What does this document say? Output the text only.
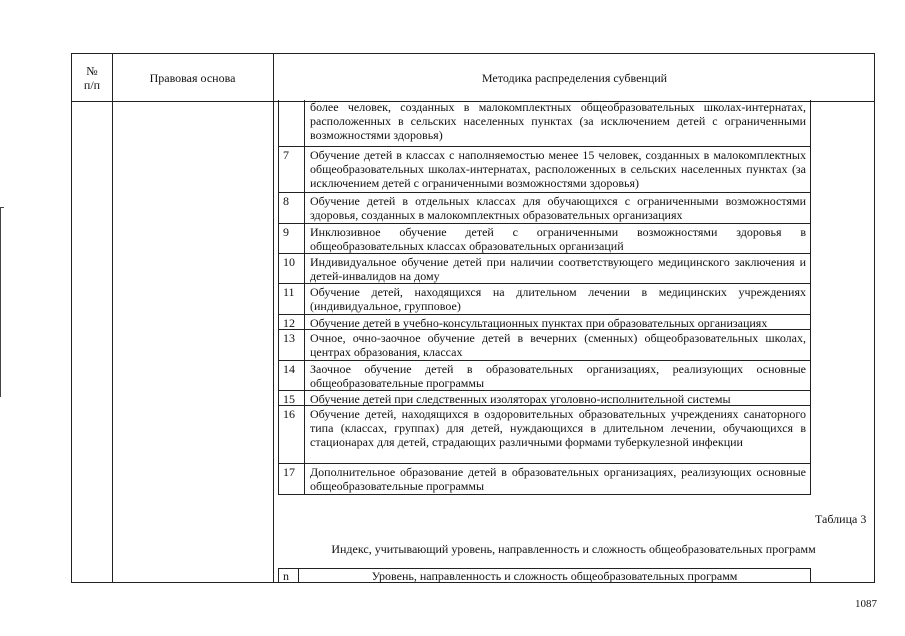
№
п/п	Правовая основа	Методика распределения субвенций
более человек, созданных в малокомплектных общеобразовательных школах-интернатах, расположенных в сельских населенных пунктах (за исключением детей с ограниченными возможностями здоровья)
7	Обучение детей в классах с наполняемостью менее 15 человек, созданных в малокомплектных общеобразовательных школах-интернатах, расположенных в сельских населенных пунктах (за исключением детей с ограниченными возможностями здоровья)
8	Обучение детей в отдельных классах для обучающихся с ограниченными возможностями здоровья, созданных в малокомплектных образовательных организациях
9	Инклюзивное обучение детей с ограниченными возможностями здоровья в общеобразовательных классах образовательных организаций
10	Индивидуальное обучение детей при наличии соответствующего медицинского заключения и детей-инвалидов на дому
11	Обучение детей, находящихся на длительном лечении в медицинских учреждениях (индивидуальное, групповое)
12	Обучение детей в учебно-консультационных пунктах при образовательных организациях
13	Очное, очно-заочное обучение детей в вечерних (сменных) общеобразовательных школах, центрах образования, классах
14	Заочное обучение детей в образовательных организациях, реализующих основные общеобразовательные программы
15	Обучение детей при следственных изоляторах уголовно-исполнительной системы
16	Обучение детей, находящихся в оздоровительных образовательных учреждениях санаторного типа (классах, группах) для детей, нуждающихся в длительном лечении, обучающихся в стационарах для детей, страдающих различными формами туберкулезной инфекции
17	Дополнительное образование детей в образовательных организациях, реализующих основные общеобразовательные программы
Таблица 3
Индекс, учитывающий уровень, направленность и сложность общеобразовательных программ
n	Уровень, направленность и сложность общеобразовательных программ
1087
